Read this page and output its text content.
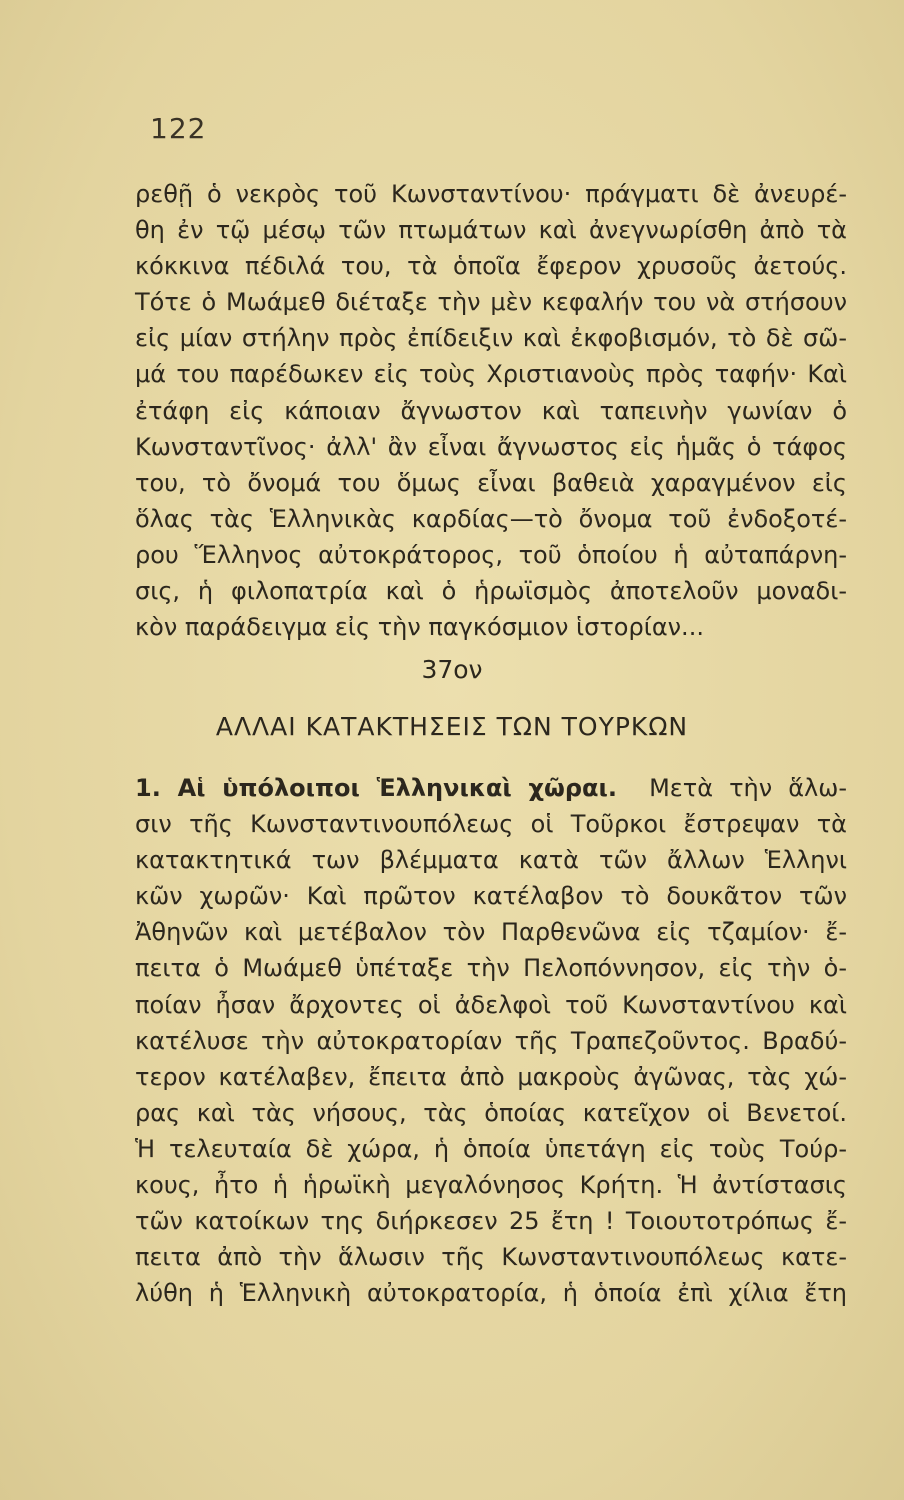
122
ρεθῇ ὁ νεκρὸς τοῦ Κωνσταντίνου· πράγματι δὲ ἀνευρέ-
θη ἐν τῷ μέσῳ τῶν πτωμάτων καὶ ἀνεγνωρίσθη ἀπὸ τὰ
κόκκινα πέδιλά του, τὰ ὁποῖα ἔφερον χρυσοῦς ἀετούς.
Τότε ὁ Μωάμεθ διέταξε τὴν μὲν κεφαλήν του νὰ στήσουν
εἰς μίαν στήλην πρὸς ἐπίδειξιν καὶ ἐκφοβισμόν, τὸ δὲ σῶ-
μά του παρέδωκεν εἰς τοὺς Χριστιανοὺς πρὸς ταφήν· Καὶ
ἐτάφη εἰς κάποιαν ἄγνωστον καὶ ταπεινὴν γωνίαν ὁ
Κωνσταντῖνος· ἀλλ' ἂν εἶναι ἄγνωστος εἰς ἡμᾶς ὁ τάφος
του, τὸ ὄνομά του ὅμως εἶναι βαθειὰ χαραγμένον εἰς
ὅλας τὰς Ἑλληνικὰς καρδίας—τὸ ὄνομα τοῦ ἐνδοξοτέ-
ρου Ἕλληνος αὐτοκράτορος, τοῦ ὁποίου ἡ αὐταπάρνη-
σις, ἡ φιλοπατρία καὶ ὁ ἡρωϊσμὸς ἀποτελοῦν μοναδι-
κὸν παράδειγμα εἰς τὴν παγκόσμιον ἱστορίαν...
37ον
ΑΛΛΑΙ ΚΑΤΑΚΤΗΣΕΙΣ ΤΩΝ ΤΟΥΡΚΩΝ
1. Αἱ ὑπόλοιποι Ἑλληνικαὶ χῶραι. Μετὰ τὴν ἅλω-
σιν τῆς Κωνσταντινουπόλεως οἱ Τοῦρκοι ἔστρεψαν τὰ
κατακτητικά των βλέμματα κατὰ τῶν ἄλλων Ἑλληνι
κῶν χωρῶν· Καὶ πρῶτον κατέλαβον τὸ δουκᾶτον τῶν
Ἀθηνῶν καὶ μετέβαλον τὸν Παρθενῶνα εἰς τζαμίον· ἔ-
πειτα ὁ Μωάμεθ ὑπέταξε τὴν Πελοπόννησον, εἰς τὴν ὁ-
ποίαν ἦσαν ἄρχοντες οἱ ἀδελφοὶ τοῦ Κωνσταντίνου καὶ
κατέλυσε τὴν αὐτοκρατορίαν τῆς Τραπεζοῦντος. Βραδύ-
τερον κατέλαβεν, ἔπειτα ἀπὸ μακροὺς ἀγῶνας, τὰς χώ-
ρας καὶ τὰς νήσους, τὰς ὁποίας κατεῖχον οἱ Βενετοί.
Ἡ τελευταία δὲ χώρα, ἡ ὁποία ὑπετάγη εἰς τοὺς Τούρ-
κους, ἦτο ἡ ἡρωϊκὴ μεγαλόνησος Κρήτη. Ἡ ἀντίστασις
τῶν κατοίκων της διήρκεσεν 25 ἔτη ! Τοιουτοτρόπως ἔ-
πειτα ἀπὸ τὴν ἅλωσιν τῆς Κωνσταντινουπόλεως κατε-
λύθη ἡ Ἑλληνικὴ αὐτοκρατορία, ἡ ὁποία ἐπὶ χίλια ἔτη
